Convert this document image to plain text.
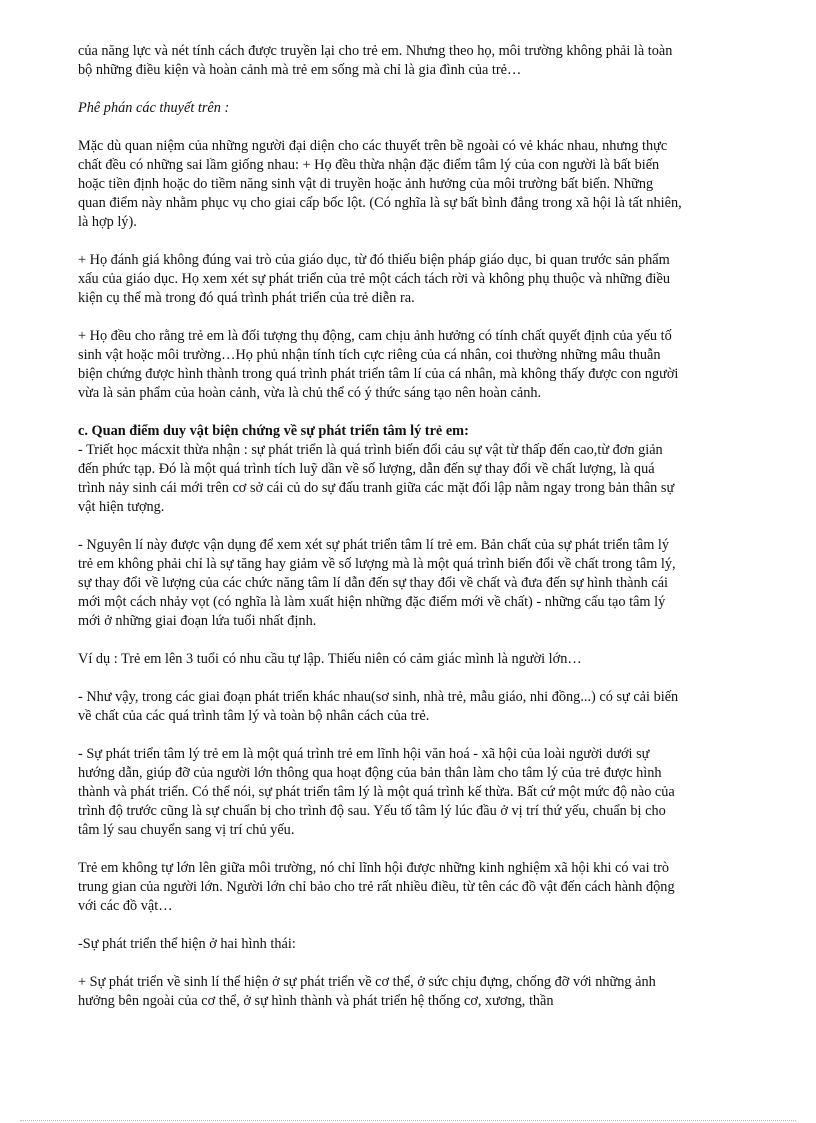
của năng lực và nét tính cách được truyền lại cho trẻ em. Nhưng theo họ, môi trường không phải là toàn bộ những điều kiện và hoàn cảnh mà trẻ em sống mà chỉ là gia đình của trẻ…

Phê phán các thuyết trên :

Mặc dù quan niệm của những người đại diện cho các thuyết trên bề ngoài có vẻ khác nhau, nhưng thực chất đều có những sai lầm giống nhau: + Họ đều thừa nhận đặc điểm tâm lý của con người là bất biến hoặc tiền định hoặc do tiềm năng sinh vật di truyền hoặc ảnh hưởng của môi trường bất biến. Những quan điểm này nhằm phục vụ cho giai cấp bốc lột. (Có nghĩa là sự bất bình đẳng trong xã hội là tất nhiên, là hợp lý).

+ Họ đánh giá không đúng vai trò của giáo dục, từ đó thiếu biện pháp giáo dục, bi quan trước sản phẩm xấu của giáo dục. Họ xem xét sự phát triển của trẻ một cách tách rời và không phụ thuộc và những điều kiện cụ thể mà trong đó quá trình phát triển của trẻ diễn ra.

+ Họ đều cho rằng trẻ em là đối tượng thụ động, cam chịu ảnh hưởng có tính chất quyết định của yếu tố sinh vật hoặc môi trường…Họ phủ nhận tính tích cực riêng của cá nhân, coi thường những mâu thuẫn biện chứng được hình thành trong quá trình phát triển tâm lí của cá nhân, mà không thấy được con người vừa là sản phẩm của hoàn cảnh, vừa là chủ thể có ý thức sáng tạo nên hoàn cảnh.

c. Quan điểm duy vật biện chứng về sự phát triển tâm lý trẻ em:

- Triết học mácxit thừa nhận : sự phát triển là quá trình biến đổi cảu sự vật từ thấp đến cao,từ đơn giản đến phức tạp. Đó là một quá trình tích luỹ dần về số lượng, dẫn đến sự thay đổi về chất lượng, là quá trình nảy sinh cái mới trên cơ sở cái củ do sự đấu tranh giữa các mặt đối lập nằm ngay trong bản thân sự vật hiện tượng.

- Nguyên lí này được vận dụng để xem xét sự phát triển tâm lí trẻ em. Bản chất của sự phát triển tâm lý trẻ em không phải chỉ là sự tăng hay giảm về số lượng mà là một quá trình biến đổi về chất trong tâm lý, sự thay đổi về lượng của các chức năng tâm lí dẫn đến sự thay đổi về chất và đưa đến sự hình thành cái mới một cách nhảy vọt (có nghĩa là làm xuất hiện những đặc điểm mới về chất) - những cấu tạo tâm lý mới ở những giai đoạn lứa tuổi nhất định.

Ví dụ : Trẻ em lên 3 tuổi có nhu cầu tự lập. Thiếu niên có cảm giác mình là người lớn…

- Như vậy, trong các giai đoạn phát triển khác nhau(sơ sinh, nhà trẻ, mẫu giáo, nhi đồng...) có sự cải biến về chất của các quá trình tâm lý và toàn bộ nhân cách của trẻ.

- Sự phát triển tâm lý trẻ em là một quá trình trẻ em lĩnh hội văn hoá - xã hội của loài người dưới sự hướng dẫn, giúp đỡ của người lớn thông qua hoạt động của bản thân làm cho tâm lý của trẻ được hình thành và phát triển. Có thể nói, sự phát triển tâm lý là một quá trình kế thừa. Bất cứ một mức độ nào của trình độ trước cũng là sự chuẩn bị cho trình độ sau. Yếu tố tâm lý lúc đầu ở vị trí thứ yếu, chuẩn bị cho tâm lý sau chuyển sang vị trí chủ yếu.

Trẻ em không tự lớn lên giữa môi trường, nó chỉ lĩnh hội được những kinh nghiệm xã hội khi có vai trò trung gian của người lớn. Người lớn chỉ bảo cho trẻ rất nhiều điều, từ tên các đồ vật đến cách hành động với các đồ vật…

-Sự phát triển thể hiện ở hai hình thái:

+ Sự phát triển về sinh lí thể hiện ở sự phát triển về cơ thể, ở sức chịu đựng, chống đỡ với những ảnh hưởng bên ngoài của cơ thể, ở sự hình thành và phát triển hệ thống cơ, xương, thần
